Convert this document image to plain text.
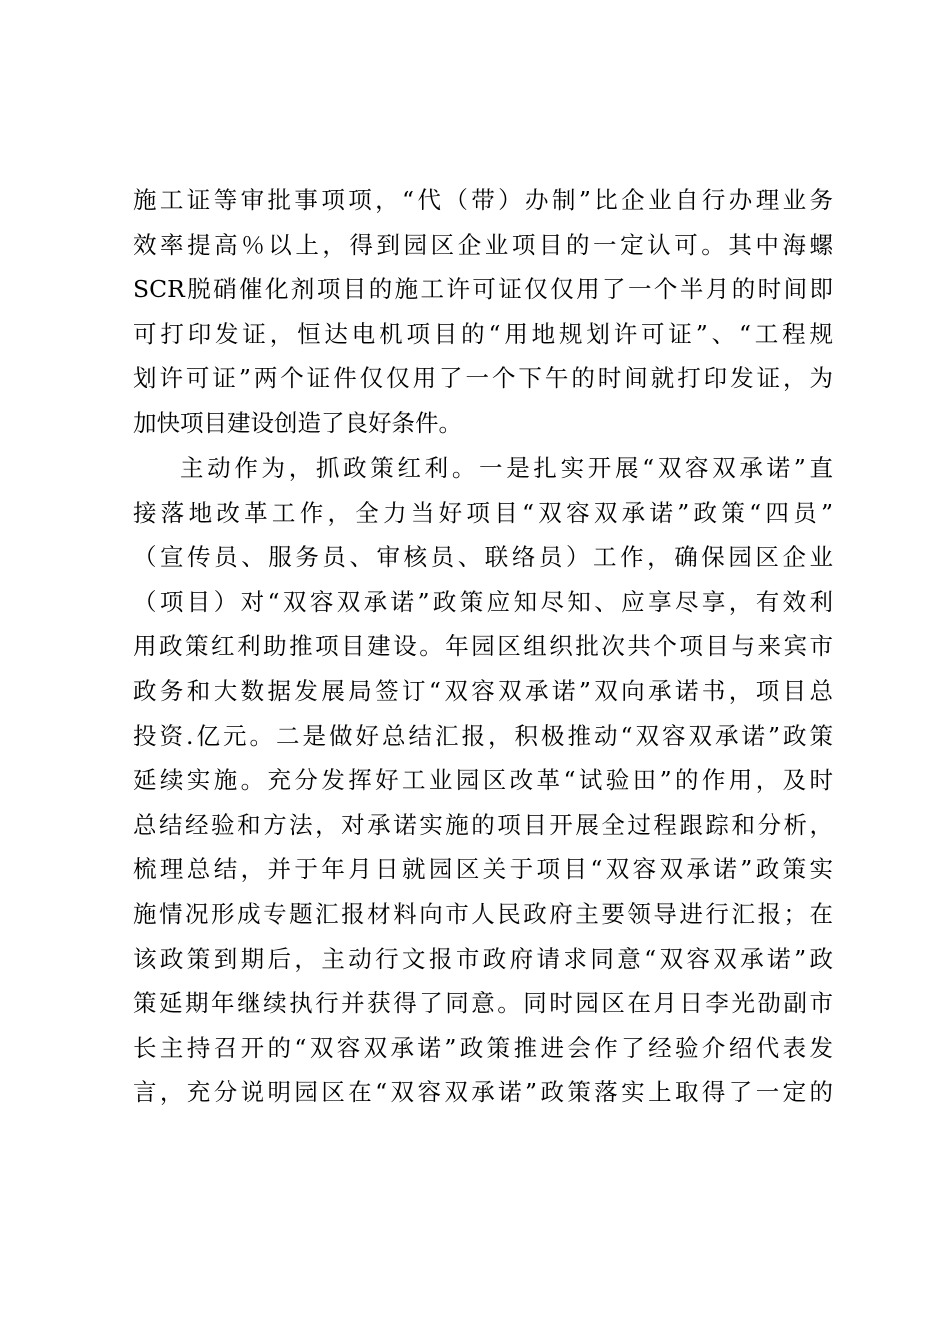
施工证等审批事项项，“代（带）办制”比企业自行办理业务
效率提高％以上，得到园区企业项目的一定认可。其中海螺
SCR脱硝催化剂项目的施工许可证仅仅用了一个半月的时间即
可打印发证，恒达电机项目的“用地规划许可证”、“工程规
划许可证”两个证件仅仅用了一个下午的时间就打印发证，为
加快项目建设创造了良好条件。
主动作为，抓政策红利。一是扎实开展“双容双承诺”直
接落地改革工作，全力当好项目“双容双承诺”政策“四员”
（宣传员、服务员、审核员、联络员）工作，确保园区企业
（项目）对“双容双承诺”政策应知尽知、应享尽享，有效利
用政策红利助推项目建设。年园区组织批次共个项目与来宾市
政务和大数据发展局签订“双容双承诺”双向承诺书，项目总
投资.亿元。二是做好总结汇报，积极推动“双容双承诺”政策
延续实施。充分发挥好工业园区改革“试验田”的作用，及时
总结经验和方法，对承诺实施的项目开展全过程跟踪和分析，
梳理总结，并于年月日就园区关于项目“双容双承诺”政策实
施情况形成专题汇报材料向市人民政府主要领导进行汇报；在
该政策到期后，主动行文报市政府请求同意“双容双承诺”政
策延期年继续执行并获得了同意。同时园区在月日李光劭副市
长主持召开的“双容双承诺”政策推进会作了经验介绍代表发
言，充分说明园区在“双容双承诺”政策落实上取得了一定的
